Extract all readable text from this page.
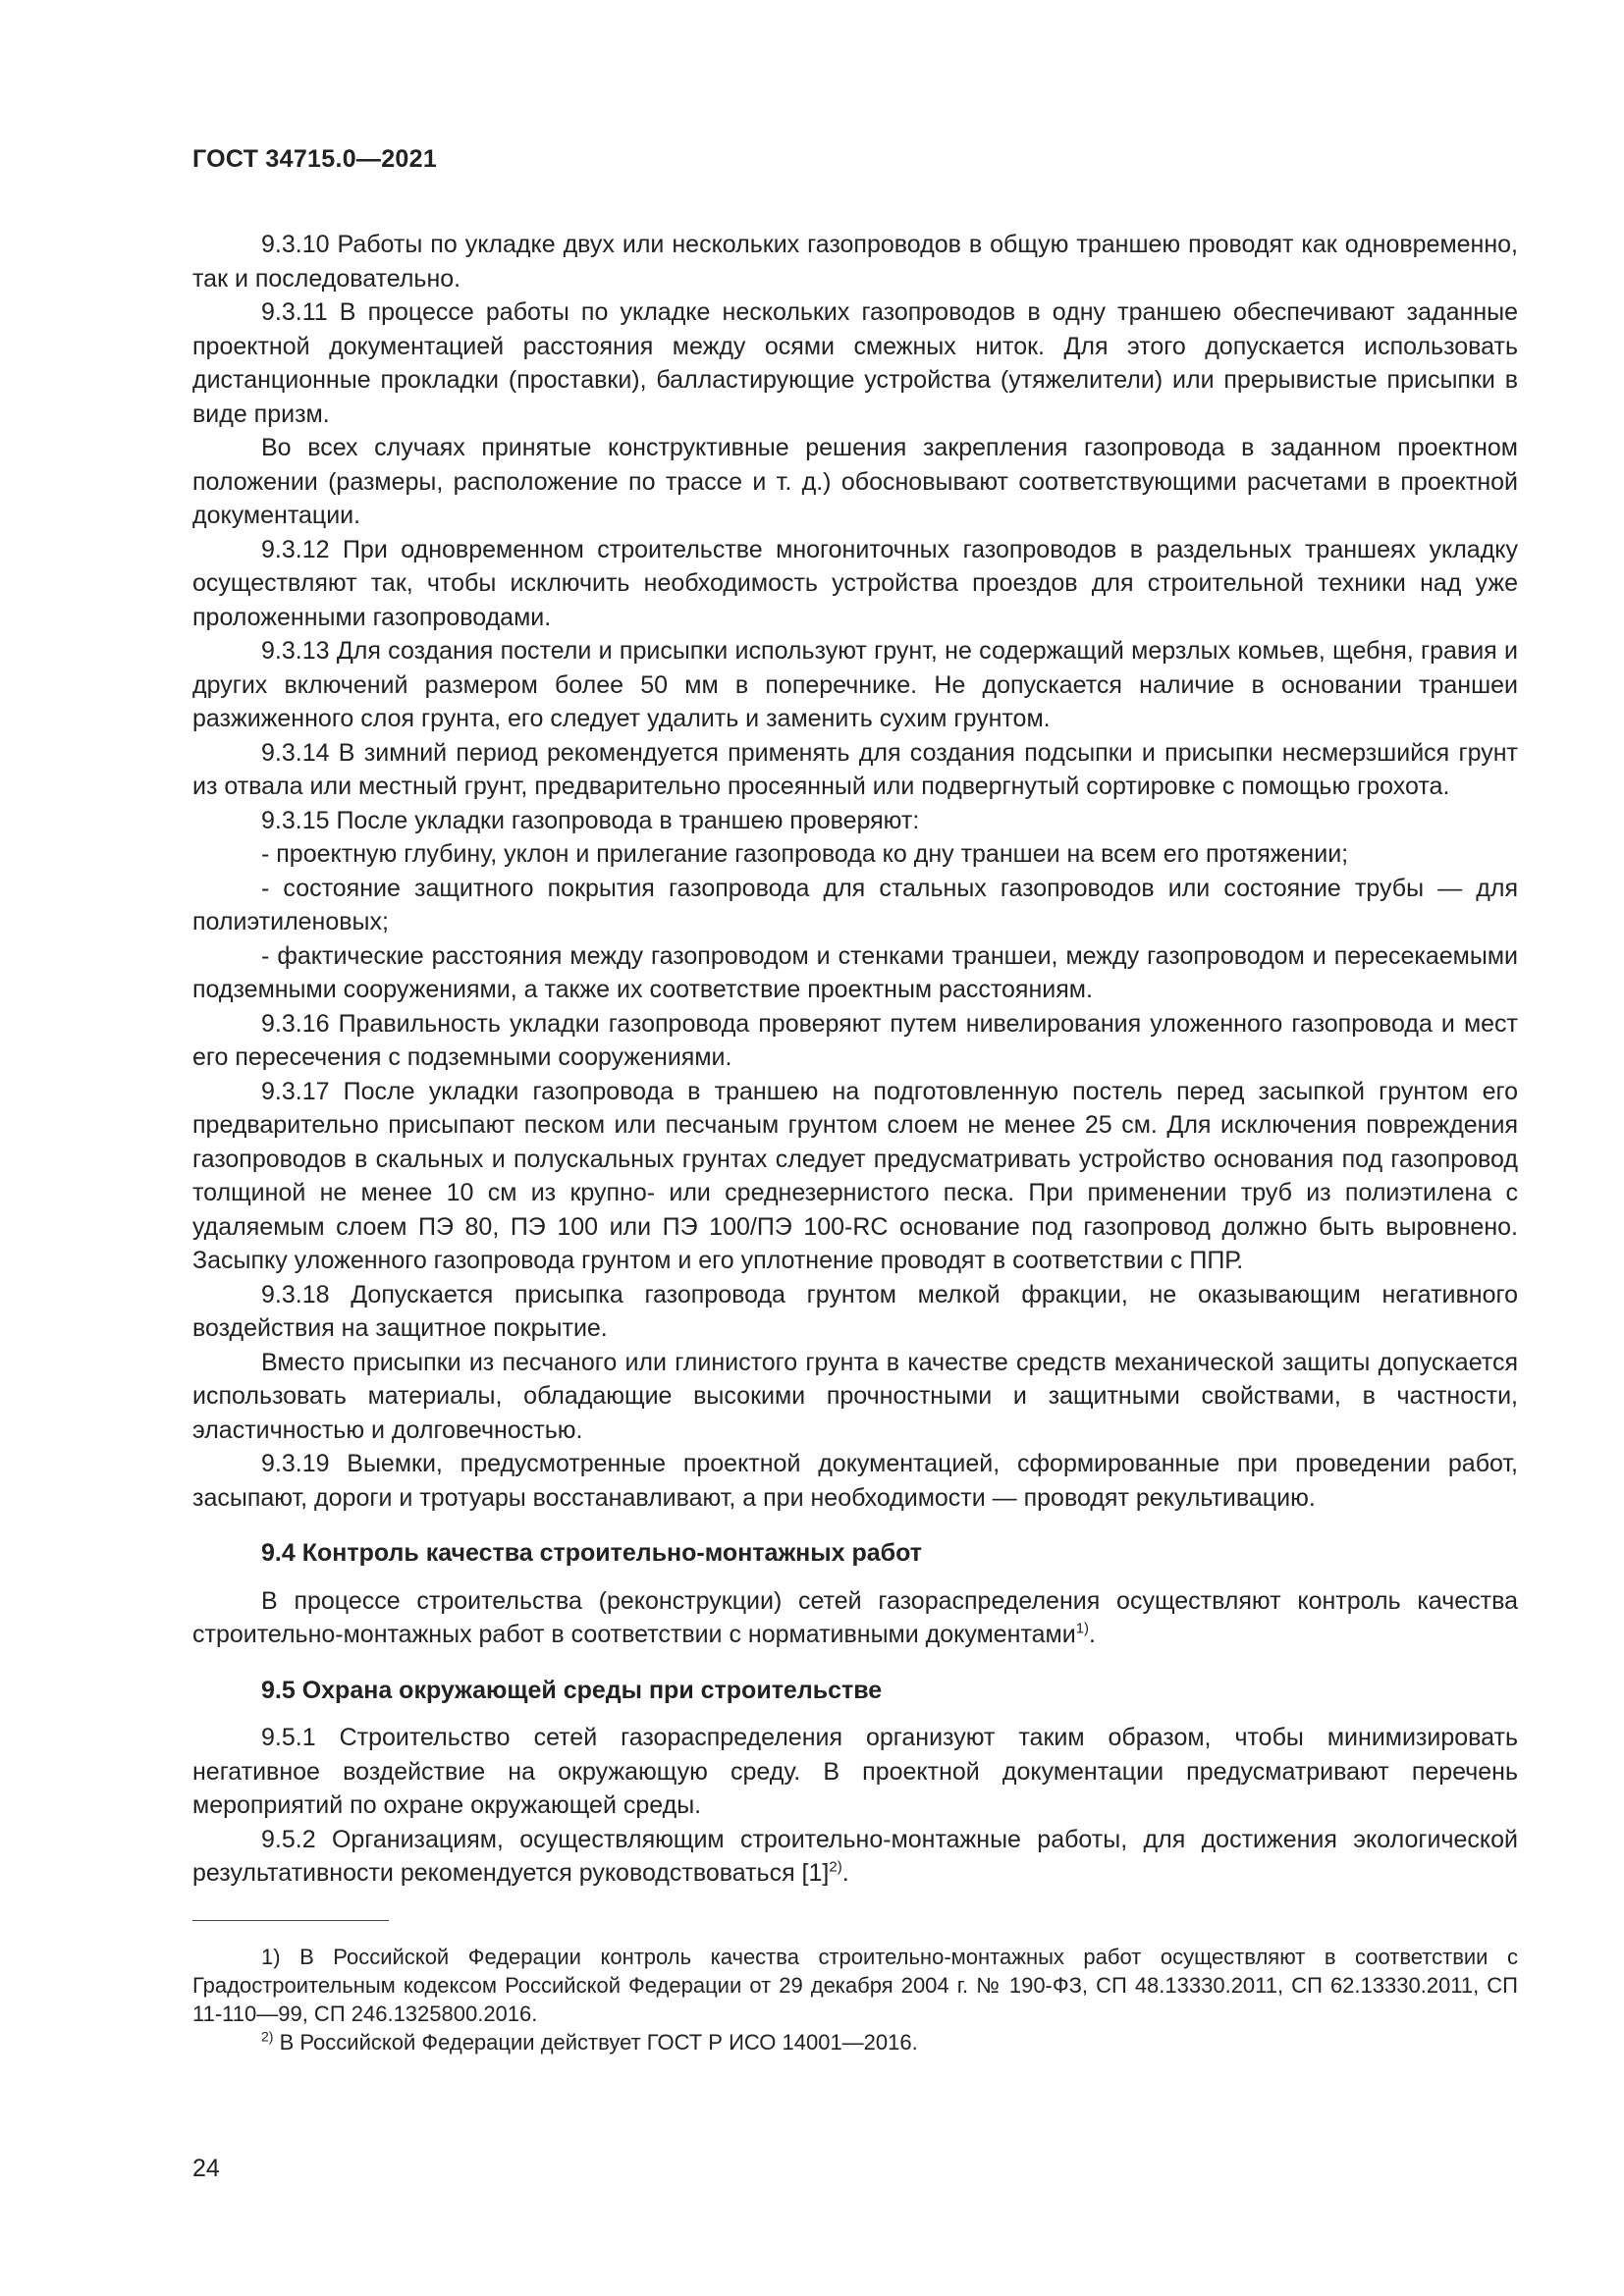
ГОСТ 34715.0—2021

9.3.10 Работы по укладке двух или нескольких газопроводов в общую траншею проводят как одновременно, так и последовательно.

9.3.11 В процессе работы по укладке нескольких газопроводов в одну траншею обеспечивают заданные проектной документацией расстояния между осями смежных ниток. Для этого допускается использовать дистанционные прокладки (проставки), балластирующие устройства (утяжелители) или прерывистые присыпки в виде призм.

Во всех случаях принятые конструктивные решения закрепления газопровода в заданном проектном положении (размеры, расположение по трассе и т. д.) обосновывают соответствующими расчетами в проектной документации.

9.3.12 При одновременном строительстве многониточных газопроводов в раздельных траншеях укладку осуществляют так, чтобы исключить необходимость устройства проездов для строительной техники над уже проложенными газопроводами.

9.3.13 Для создания постели и присыпки используют грунт, не содержащий мерзлых комьев, щебня, гравия и других включений размером более 50 мм в поперечнике. Не допускается наличие в основании траншеи разжиженного слоя грунта, его следует удалить и заменить сухим грунтом.

9.3.14 В зимний период рекомендуется применять для создания подсыпки и присыпки несмерзшийся грунт из отвала или местный грунт, предварительно просеянный или подвергнутый сортировке с помощью грохота.

9.3.15 После укладки газопровода в траншею проверяют:

- проектную глубину, уклон и прилегание газопровода ко дну траншеи на всем его протяжении;

- состояние защитного покрытия газопровода для стальных газопроводов или состояние трубы — для полиэтиленовых;

- фактические расстояния между газопроводом и стенками траншеи, между газопроводом и пересекаемыми подземными сооружениями, а также их соответствие проектным расстояниям.

9.3.16 Правильность укладки газопровода проверяют путем нивелирования уложенного газопровода и мест его пересечения с подземными сооружениями.

9.3.17 После укладки газопровода в траншею на подготовленную постель перед засыпкой грунтом его предварительно присыпают песком или песчаным грунтом слоем не менее 25 см. Для исключения повреждения газопроводов в скальных и полускальных грунтах следует предусматривать устройство основания под газопровод толщиной не менее 10 см из крупно- или среднезернистого песка. При применении труб из полиэтилена с удаляемым слоем ПЭ 80, ПЭ 100 или ПЭ 100/ПЭ 100-RC основание под газопровод должно быть выровнено. Засыпку уложенного газопровода грунтом и его уплотнение проводят в соответствии с ППР.

9.3.18 Допускается присыпка газопровода грунтом мелкой фракции, не оказывающим негативного воздействия на защитное покрытие.

Вместо присыпки из песчаного или глинистого грунта в качестве средств механической защиты допускается использовать материалы, обладающие высокими прочностными и защитными свойствами, в частности, эластичностью и долговечностью.

9.3.19 Выемки, предусмотренные проектной документацией, сформированные при проведении работ, засыпают, дороги и тротуары восстанавливают, а при необходимости — проводят рекультивацию.

9.4 Контроль качества строительно-монтажных работ

В процессе строительства (реконструкции) сетей газораспределения осуществляют контроль качества строительно-монтажных работ в соответствии с нормативными документами$^{1)}$.

9.5 Охрана окружающей среды при строительстве

9.5.1 Строительство сетей газораспределения организуют таким образом, чтобы минимизировать негативное воздействие на окружающую среду. В проектной документации предусматривают перечень мероприятий по охране окружающей среды.

9.5.2 Организациям, осуществляющим строительно-монтажные работы, для достижения экологической результативности рекомендуется руководствоваться $[1]^{2)}$.

1) В Российской Федерации контроль качества строительно-монтажных работ осуществляют в соответствии с Градостроительным кодексом Российской Федерации от 29 декабря 2004 г. № 190-ФЗ, СП 48.13330.2011, СП 62.13330.2011, СП 11-110—99, СП 246.1325800.2016.

$^{2)}$ В Российской Федерации действует ГОСТ Р ИСО 14001—2016.

24
